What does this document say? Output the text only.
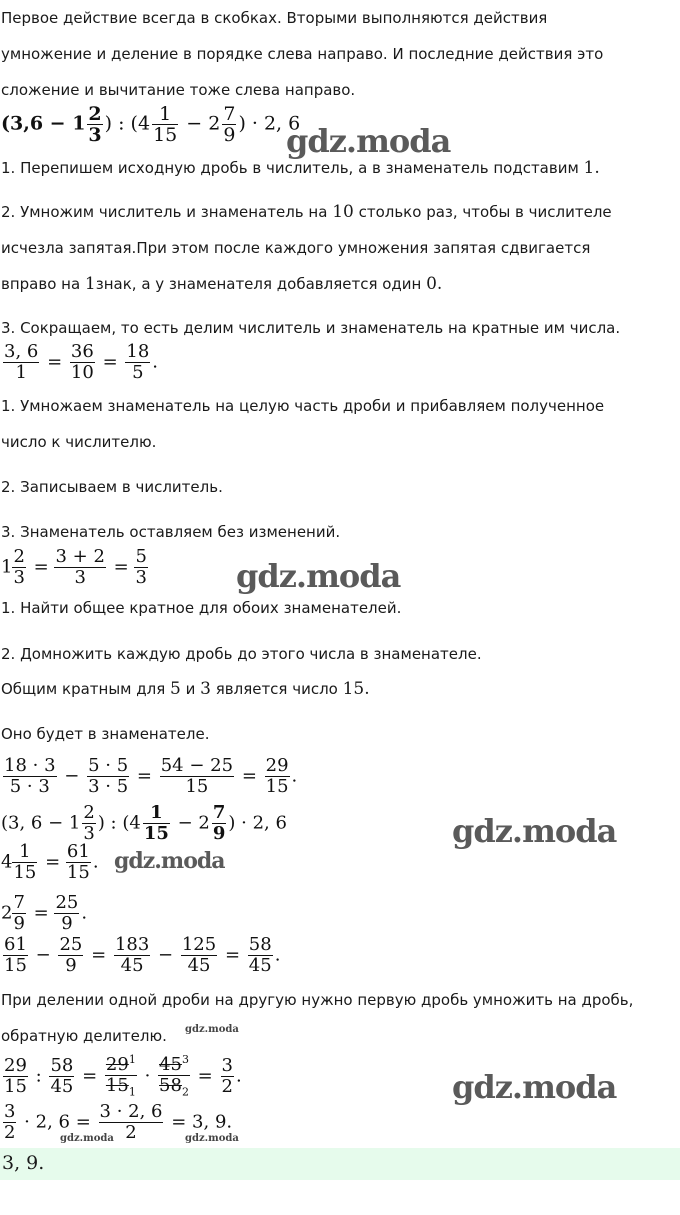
Первое действие всегда в скобках. Вторыми выполняются действия
умножение и деление в порядке слева направо. И последние действия это
сложение и вычитание тоже слева направо.
($3,6 - 1 \frac{2}{3}$ ) : ($4 \frac{1}{15} - 2 \frac{7}{9}$ ) · 2, 6
gdz.moda
1. Перепишем исходную дробь в числитель, а в знаменатель подставим 1.
2. Умножим числитель и знаменатель на 10 столько раз, чтобы в числителе
исчезла запятая.При этом после каждого умножения запятая сдвигается
вправо на 1знак, а у знаменателя добавляется один 0.
3. Сокращаем, то есть делим числитель и знаменатель на кратные им числа.
$\frac{3, 6}{1} = \frac{36}{10} = \frac{18}{5}$ .
1. Умножаем знаменатель на целую часть дроби и прибавляем полученное
число к числителю.
2. Записываем в числитель.
3. Знаменатель оставляем без изменений.
$1 \frac{2}{3} = \frac{3 + 2}{3} = \frac{5}{3}$	gdz.moda
1. Найти общее кратное для обоих знаменателей.
2. Домножить каждую дробь до этого числа в знаменателе.
Общим кратным для 5 и 3 является число 15.
Оно будет в знаменателе.
$\frac{18 \cdot 3}{5 \cdot 3} - \frac{5 \cdot 5}{3 \cdot 5} = \frac{54 - 25}{15} = \frac{29}{15}$ .
(3, $6 - 1 \frac{2}{3}$ ) : ($4 \frac{1}{15} - 2 \frac{7}{9}$ ) · 2, 6	gdz.moda
$4 \frac{1}{15} = \frac{61}{15}$ . gdz.moda
$2 \frac{7}{9} = \frac{25}{9}$ .
$\frac{61}{15} - \frac{25}{9} = \frac{183}{45} - \frac{125}{45} = \frac{58}{45}$ .
При делении одной дроби на другую нужно первую дробь умножить на дробь,
обратную делителю.	gdz.moda
$\frac{29}{15}$ : $\frac{58}{45} = \frac{29^1}{15_1} \cdot \frac{45^3}{58_2} = \frac{3}{2}$ .	gdz.moda
$\frac{3}{2} \cdot 2$, $6 = \frac{3 \cdot 2, 6}{2} = 3$, 9.
gdz.moda	gdz.moda
3, 9.
